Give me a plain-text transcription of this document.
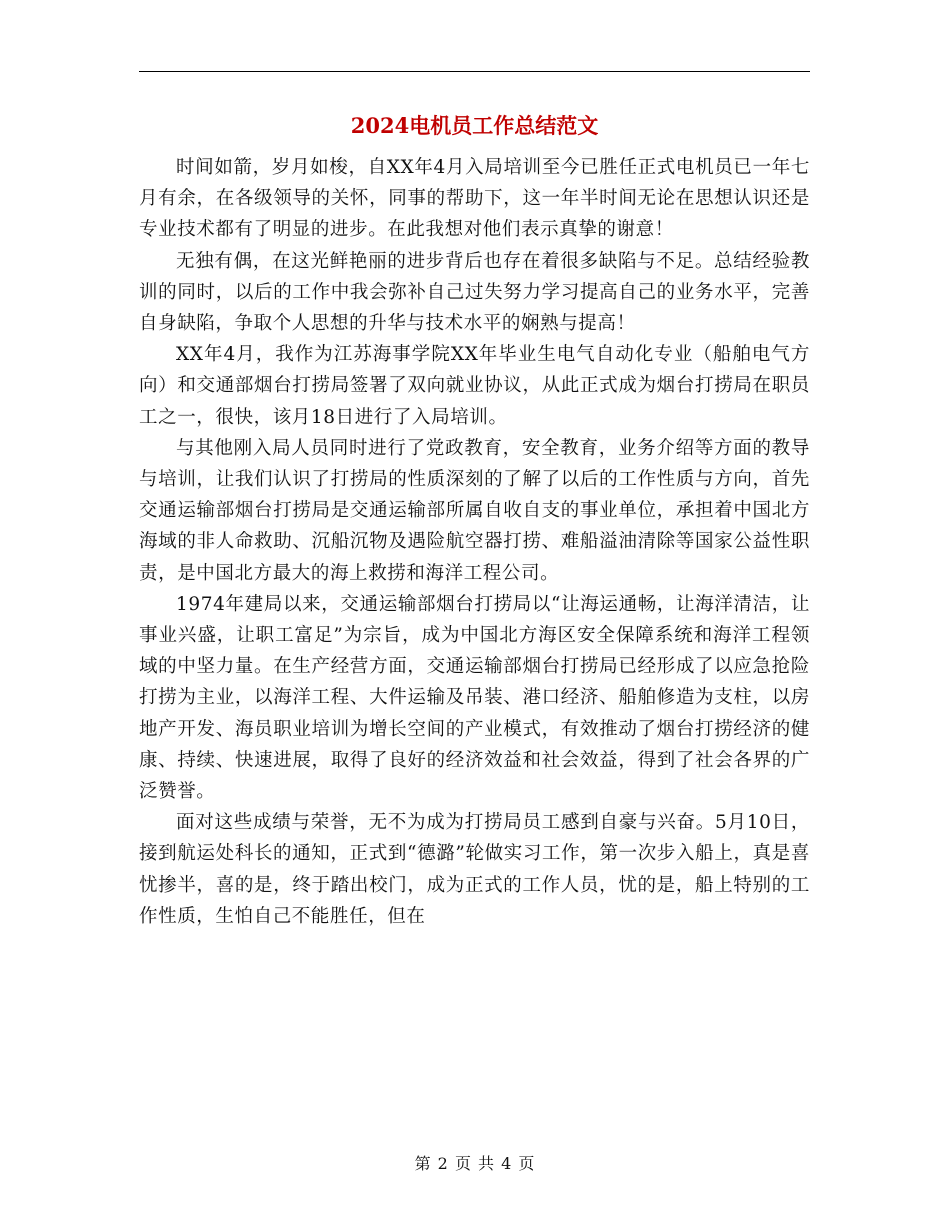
2024电机员工作总结范文

时间如箭，岁月如梭，自XX年4月入局培训至今已胜任正式电机员已一年七月有余，在各级领导的关怀，同事的帮助下，这一年半时间无论在思想认识还是专业技术都有了明显的进步。在此我想对他们表示真挚的谢意！

无独有偶，在这光鲜艳丽的进步背后也存在着很多缺陷与不足。总结经验教训的同时，以后的工作中我会弥补自己过失努力学习提高自己的业务水平，完善自身缺陷，争取个人思想的升华与技术水平的娴熟与提高！

XX年4月，我作为江苏海事学院XX年毕业生电气自动化专业（船舶电气方向）和交通部烟台打捞局签署了双向就业协议，从此正式成为烟台打捞局在职员工之一，很快，该月18日进行了入局培训。

与其他刚入局人员同时进行了党政教育，安全教育，业务介绍等方面的教导与培训，让我们认识了打捞局的性质深刻的了解了以后的工作性质与方向，首先交通运输部烟台打捞局是交通运输部所属自收自支的事业单位，承担着中国北方海域的非人命救助、沉船沉物及遇险航空器打捞、难船溢油清除等国家公益性职责，是中国北方最大的海上救捞和海洋工程公司。

1974年建局以来，交通运输部烟台打捞局以“让海运通畅，让海洋清洁，让事业兴盛，让职工富足”为宗旨，成为中国北方海区安全保障系统和海洋工程领域的中坚力量。在生产经营方面，交通运输部烟台打捞局已经形成了以应急抢险打捞为主业，以海洋工程、大件运输及吊装、港口经济、船舶修造为支柱，以房地产开发、海员职业培训为增长空间的产业模式，有效推动了烟台打捞经济的健康、持续、快速进展，取得了良好的经济效益和社会效益，得到了社会各界的广泛赞誉。

面对这些成绩与荣誉，无不为成为打捞局员工感到自豪与兴奋。5月10日，接到航运处科长的通知，正式到“德潞”轮做实习工作，第一次步入船上，真是喜忧掺半，喜的是，终于踏出校门，成为正式的工作人员，忧的是，船上特别的工作性质，生怕自己不能胜任，但在

第 2 页 共 4 页
